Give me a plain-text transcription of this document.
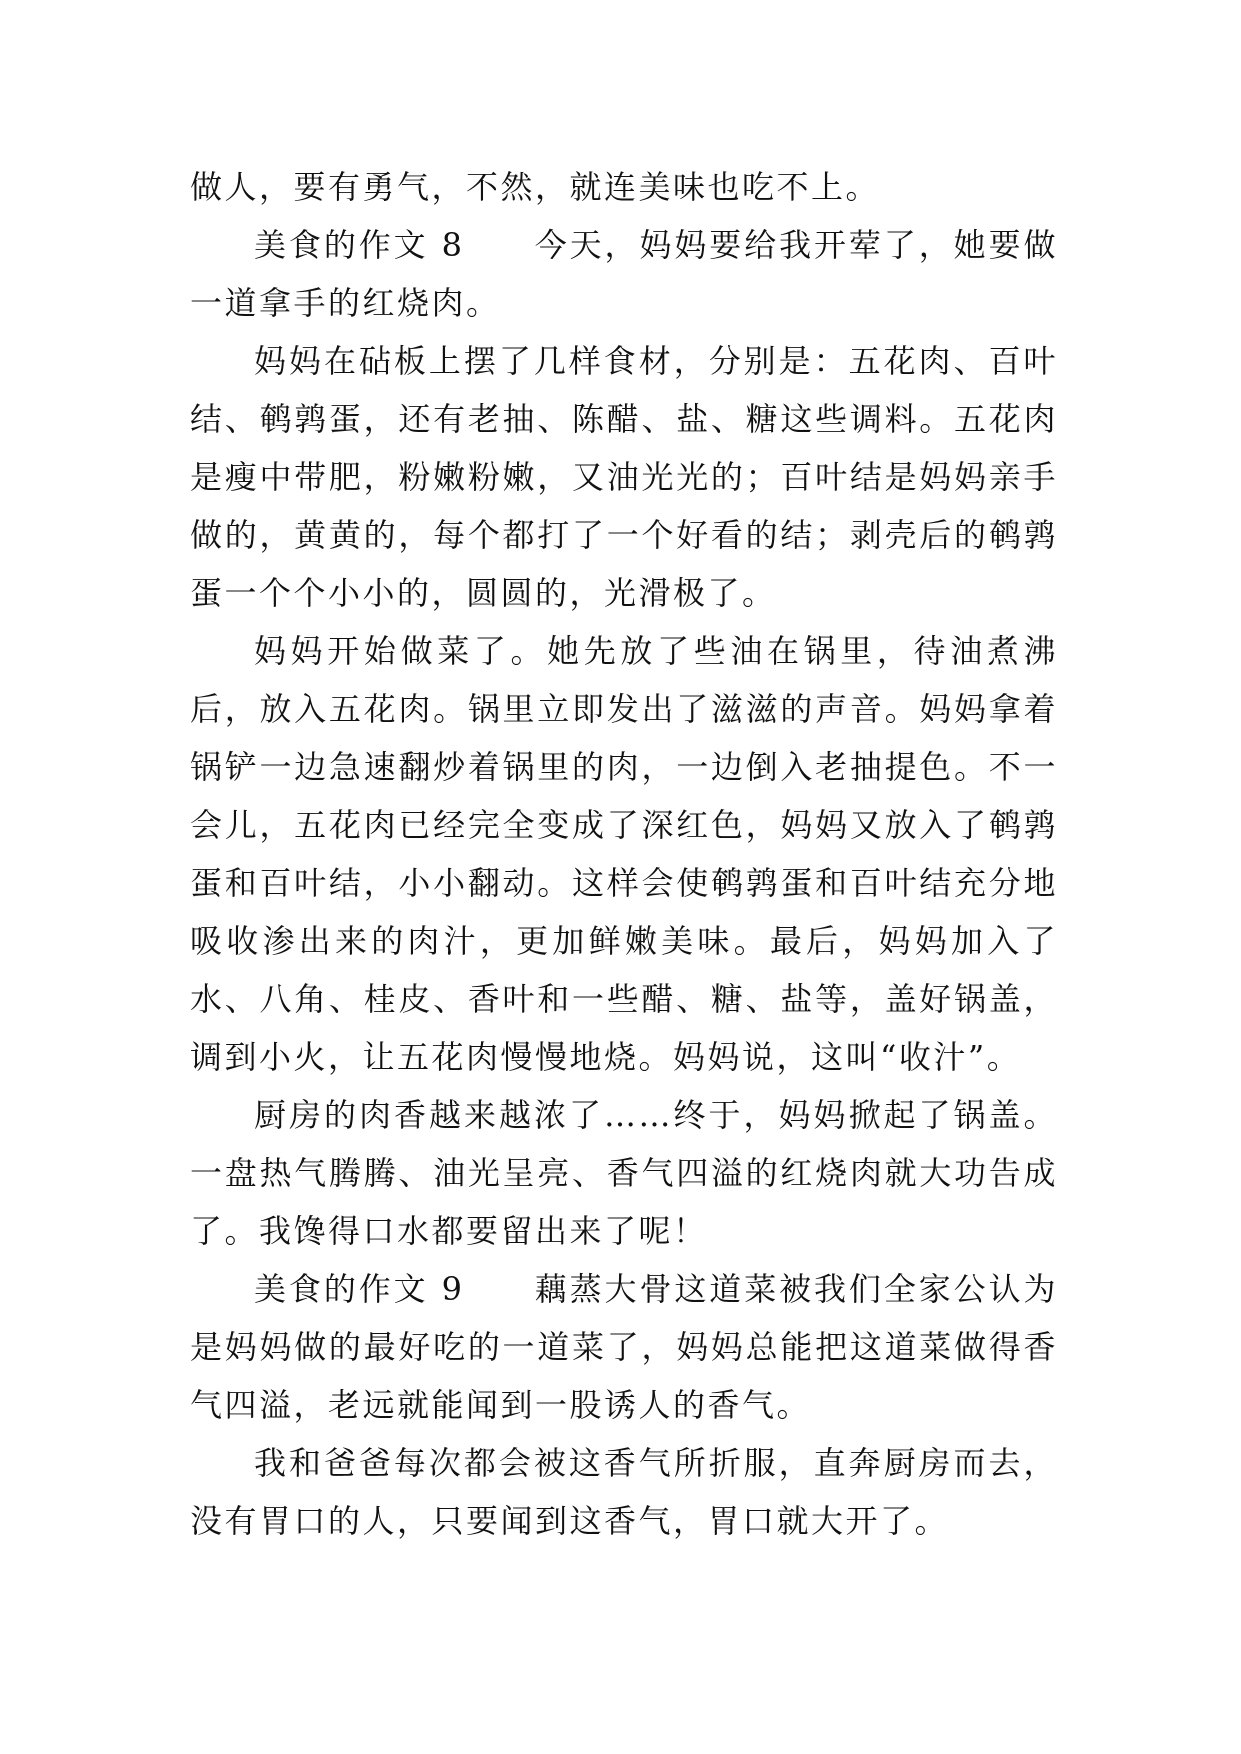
做人，要有勇气，不然，就连美味也吃不上。

美食的作文 8　　今天，妈妈要给我开荤了，她要做一道拿手的红烧肉。

妈妈在砧板上摆了几样食材，分别是：五花肉、百叶结、鹌鹑蛋，还有老抽、陈醋、盐、糖这些调料。五花肉是瘦中带肥，粉嫩粉嫩，又油光光的；百叶结是妈妈亲手做的，黄黄的，每个都打了一个好看的结；剥壳后的鹌鹑蛋一个个小小的，圆圆的，光滑极了。

妈妈开始做菜了。她先放了些油在锅里，待油煮沸后，放入五花肉。锅里立即发出了滋滋的声音。妈妈拿着锅铲一边急速翻炒着锅里的肉，一边倒入老抽提色。不一会儿，五花肉已经完全变成了深红色，妈妈又放入了鹌鹑蛋和百叶结，小小翻动。这样会使鹌鹑蛋和百叶结充分地吸收渗出来的肉汁，更加鲜嫩美味。最后，妈妈加入了水、八角、桂皮、香叶和一些醋、糖、盐等，盖好锅盖，调到小火，让五花肉慢慢地烧。妈妈说，这叫“收汁”。

厨房的肉香越来越浓了……终于，妈妈掀起了锅盖。一盘热气腾腾、油光呈亮、香气四溢的红烧肉就大功告成了。我馋得口水都要留出来了呢！

美食的作文 9　　藕蒸大骨这道菜被我们全家公认为是妈妈做的最好吃的一道菜了，妈妈总能把这道菜做得香气四溢，老远就能闻到一股诱人的香气。

我和爸爸每次都会被这香气所折服，直奔厨房而去，没有胃口的人，只要闻到这香气，胃口就大开了。
